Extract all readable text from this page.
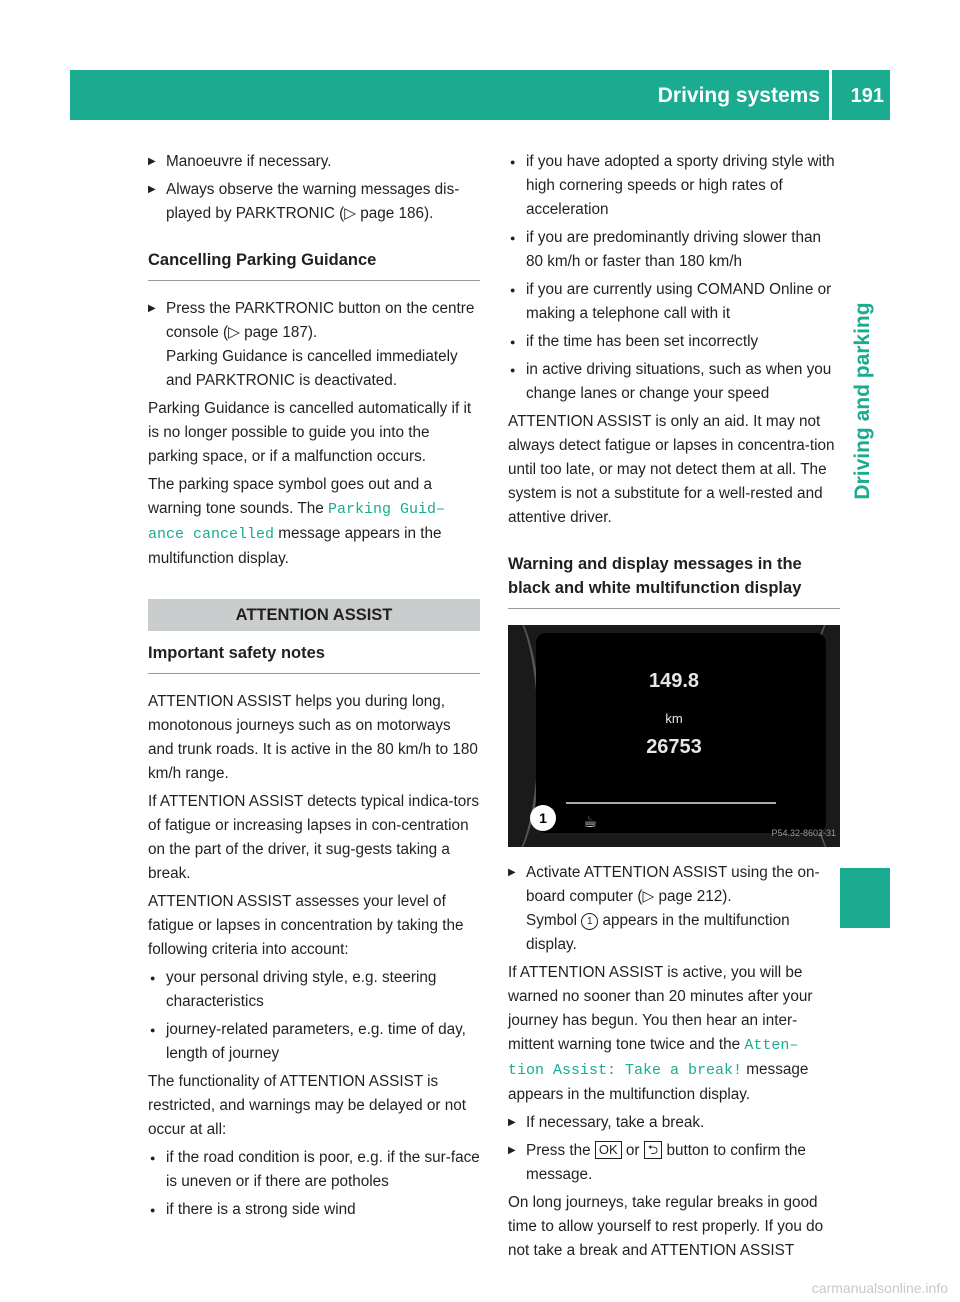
Driving systems 191
Driving and parking
▶ Manoeuvre if necessary.
▶ Always observe the warning messages dis-played by PARKTRONIC (▷ page 186).
Cancelling Parking Guidance
▶ Press the PARKTRONIC button on the centre console (▷ page 187).
Parking Guidance is cancelled immediately and PARKTRONIC is deactivated.

Parking Guidance is cancelled automatically if it is no longer possible to guide you into the parking space, or if a malfunction occurs.

The parking space symbol goes out and a warning tone sounds. The Parking Guid– ance cancelled message appears in the multifunction display.

ATTENTION ASSIST
Important safety notes

ATTENTION ASSIST helps you during long, monotonous journeys such as on motorways and trunk roads. It is active in the 80 km/h to 180 km/h range.

If ATTENTION ASSIST detects typical indica-tors of fatigue or increasing lapses in con-centration on the part of the driver, it sug-gests taking a break.

ATTENTION ASSIST assesses your level of fatigue or lapses in concentration by taking the following criteria into account:

● your personal driving style, e.g. steering characteristics
● journey-related parameters, e.g. time of day, length of journey

The functionality of ATTENTION ASSIST is restricted, and warnings may be delayed or not occur at all:

● if the road condition is poor, e.g. if the sur-face is uneven or if there are potholes
● if there is a strong side wind
● if you have adopted a sporty driving style with high cornering speeds or high rates of acceleration
● if you are predominantly driving slower than 80 km/h or faster than 180 km/h
● if you are currently using COMAND Online or making a telephone call with it
● if the time has been set incorrectly
● in active driving situations, such as when you change lanes or change your speed

ATTENTION ASSIST is only an aid. It may not always detect fatigue or lapses in concentra-tion until too late, or may not detect them at all. The system is not a substitute for a well-rested and attentive driver.

Warning and display messages in the black and white multifunction display
149.8
km
26753
1	☕
P54.32-8602-31
▶ Activate ATTENTION ASSIST using the on-board computer (▷ page 212).
Symbol 1 appears in the multifunction display.

If ATTENTION ASSIST is active, you will be warned no sooner than 20 minutes after your journey has begun. You then hear an inter-mittent warning tone twice and the Atten– tion Assist: Take a break! message appears in the multifunction display.

▶ If necessary, take a break.
▶ Press the OK or ⮌ button to confirm the message.

On long journeys, take regular breaks in good time to allow yourself to rest properly. If you do not take a break and ATTENTION ASSIST

carmanualsonline.info
